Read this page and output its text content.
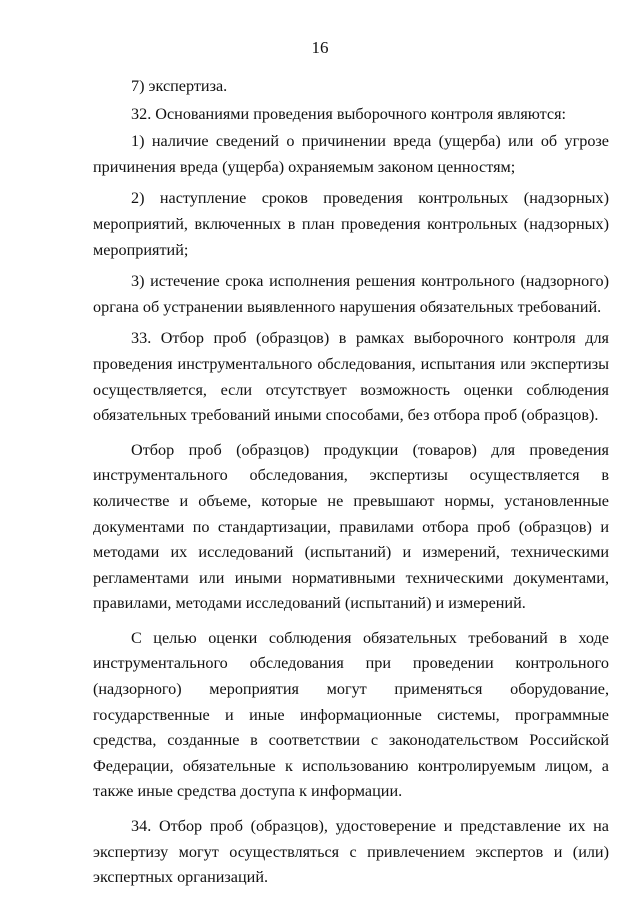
16

7) экспертиза.

32. Основаниями проведения выборочного контроля являются:

1) наличие сведений о причинении вреда (ущерба) или об угрозе причинения вреда (ущерба) охраняемым законом ценностям;

2) наступление сроков проведения контрольных (надзорных) мероприятий, включенных в план проведения контрольных (надзорных) мероприятий;

3) истечение срока исполнения решения контрольного (надзорного) органа об устранении выявленного нарушения обязательных требований.

33. Отбор проб (образцов) в рамках выборочного контроля для проведения инструментального обследования, испытания или экспертизы осуществляется, если отсутствует возможность оценки соблюдения обязательных требований иными способами, без отбора проб (образцов).

Отбор проб (образцов) продукции (товаров) для проведения инструментального обследования, экспертизы осуществляется в количестве и объеме, которые не превышают нормы, установленные документами по стандартизации, правилами отбора проб (образцов) и методами их исследований (испытаний) и измерений, техническими регламентами или иными нормативными техническими документами, правилами, методами исследований (испытаний) и измерений.

С целью оценки соблюдения обязательных требований в ходе инструментального обследования при проведении контрольного (надзорного) мероприятия могут применяться оборудование, государственные и иные информационные системы, программные средства, созданные в соответствии с законодательством Российской Федерации, обязательные к использованию контролируемым лицом, а также иные средства доступа к информации.

34. Отбор проб (образцов), удостоверение и представление их на экспертизу могут осуществляться с привлечением экспертов и (или) экспертных организаций.
